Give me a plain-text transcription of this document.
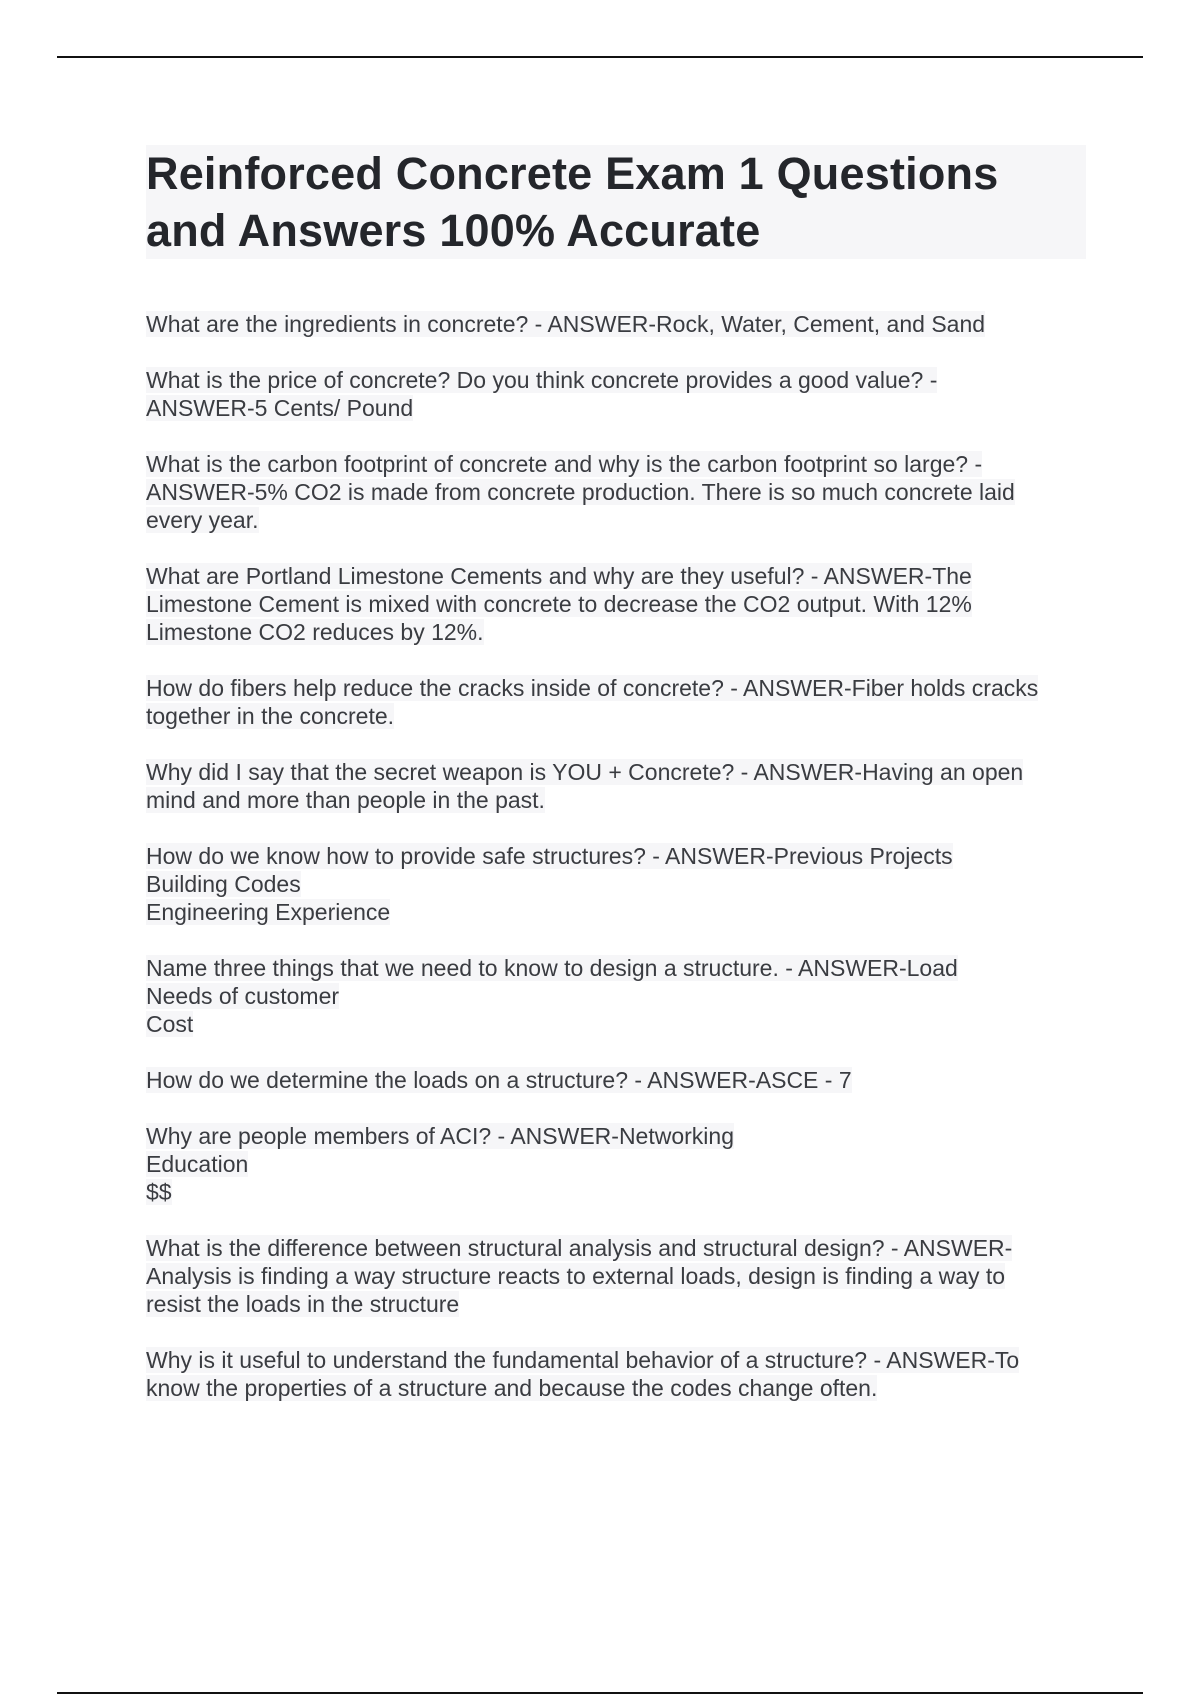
Reinforced Concrete Exam 1 Questions
and Answers 100% Accurate
What are the ingredients in concrete? - ANSWER-Rock, Water, Cement, and Sand
What is the price of concrete? Do you think concrete provides a good value? -
ANSWER-5 Cents/ Pound
What is the carbon footprint of concrete and why is the carbon footprint so large? -
ANSWER-5% CO2 is made from concrete production. There is so much concrete laid
every year.
What are Portland Limestone Cements and why are they useful? - ANSWER-The
Limestone Cement is mixed with concrete to decrease the CO2 output. With 12%
Limestone CO2 reduces by 12%.
How do fibers help reduce the cracks inside of concrete? - ANSWER-Fiber holds cracks
together in the concrete.
Why did I say that the secret weapon is YOU + Concrete? - ANSWER-Having an open
mind and more than people in the past.
How do we know how to provide safe structures? - ANSWER-Previous Projects
Building Codes
Engineering Experience
Name three things that we need to know to design a structure. - ANSWER-Load
Needs of customer
Cost
How do we determine the loads on a structure? - ANSWER-ASCE - 7
Why are people members of ACI? - ANSWER-Networking
Education
$$
What is the difference between structural analysis and structural design? - ANSWER-
Analysis is finding a way structure reacts to external loads, design is finding a way to
resist the loads in the structure
Why is it useful to understand the fundamental behavior of a structure? - ANSWER-To
know the properties of a structure and because the codes change often.
